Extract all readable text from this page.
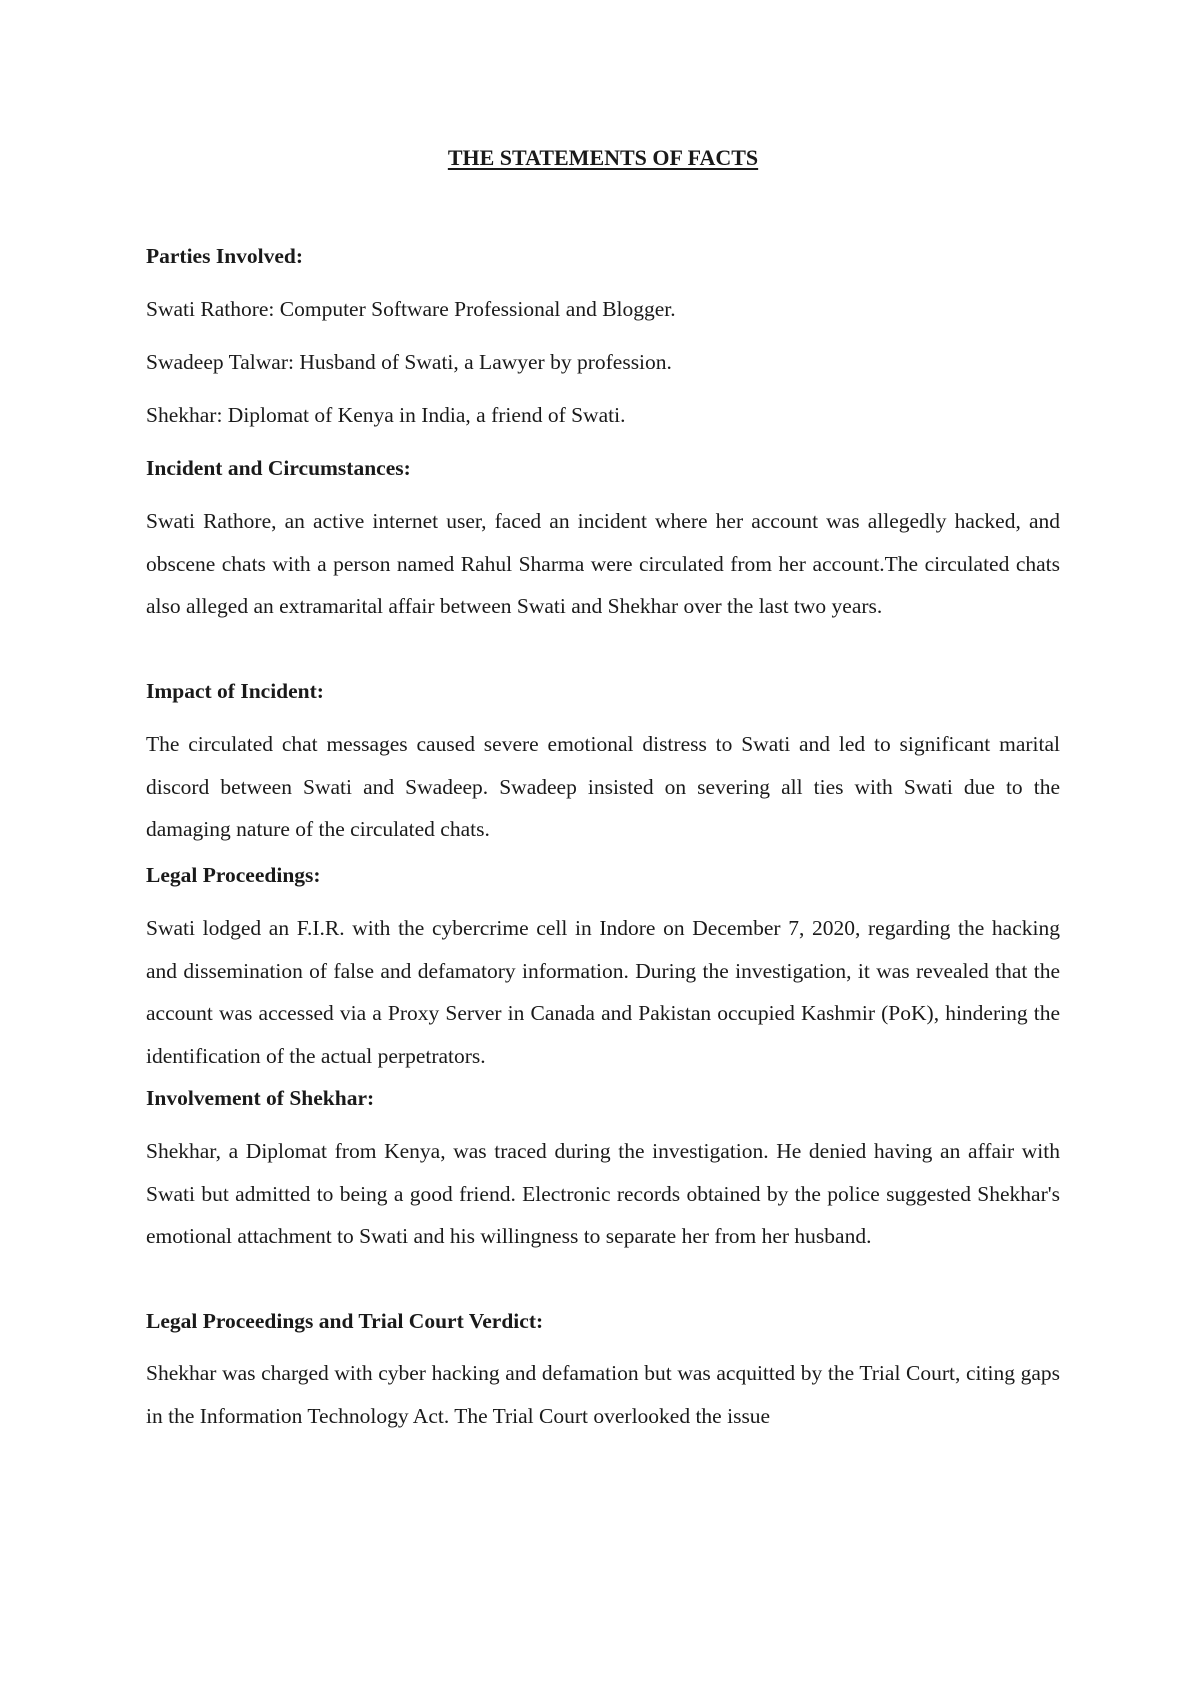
THE STATEMENTS OF FACTS

Parties Involved:

Swati Rathore: Computer Software Professional and Blogger.

Swadeep Talwar: Husband of Swati, a Lawyer by profession.

Shekhar: Diplomat of Kenya in India, a friend of Swati.

Incident and Circumstances:

Swati Rathore, an active internet user, faced an incident where her account was allegedly hacked, and obscene chats with a person named Rahul Sharma were circulated from her account.The circulated chats also alleged an extramarital affair between Swati and Shekhar over the last two years.

Impact of Incident:

The circulated chat messages caused severe emotional distress to Swati and led to significant marital discord between Swati and Swadeep. Swadeep insisted on severing all ties with Swati due to the damaging nature of the circulated chats.

Legal Proceedings:

Swati lodged an F.I.R. with the cybercrime cell in Indore on December 7, 2020, regarding the hacking and dissemination of false and defamatory information. During the investigation, it was revealed that the account was accessed via a Proxy Server in Canada and Pakistan occupied Kashmir (PoK), hindering the identification of the actual perpetrators.

Involvement of Shekhar:

Shekhar, a Diplomat from Kenya, was traced during the investigation. He denied having an affair with Swati but admitted to being a good friend. Electronic records obtained by the police suggested Shekhar's emotional attachment to Swati and his willingness to separate her from her husband.

Legal Proceedings and Trial Court Verdict:

Shekhar was charged with cyber hacking and defamation but was acquitted by the Trial Court, citing gaps in the Information Technology Act. The Trial Court overlooked the issue
